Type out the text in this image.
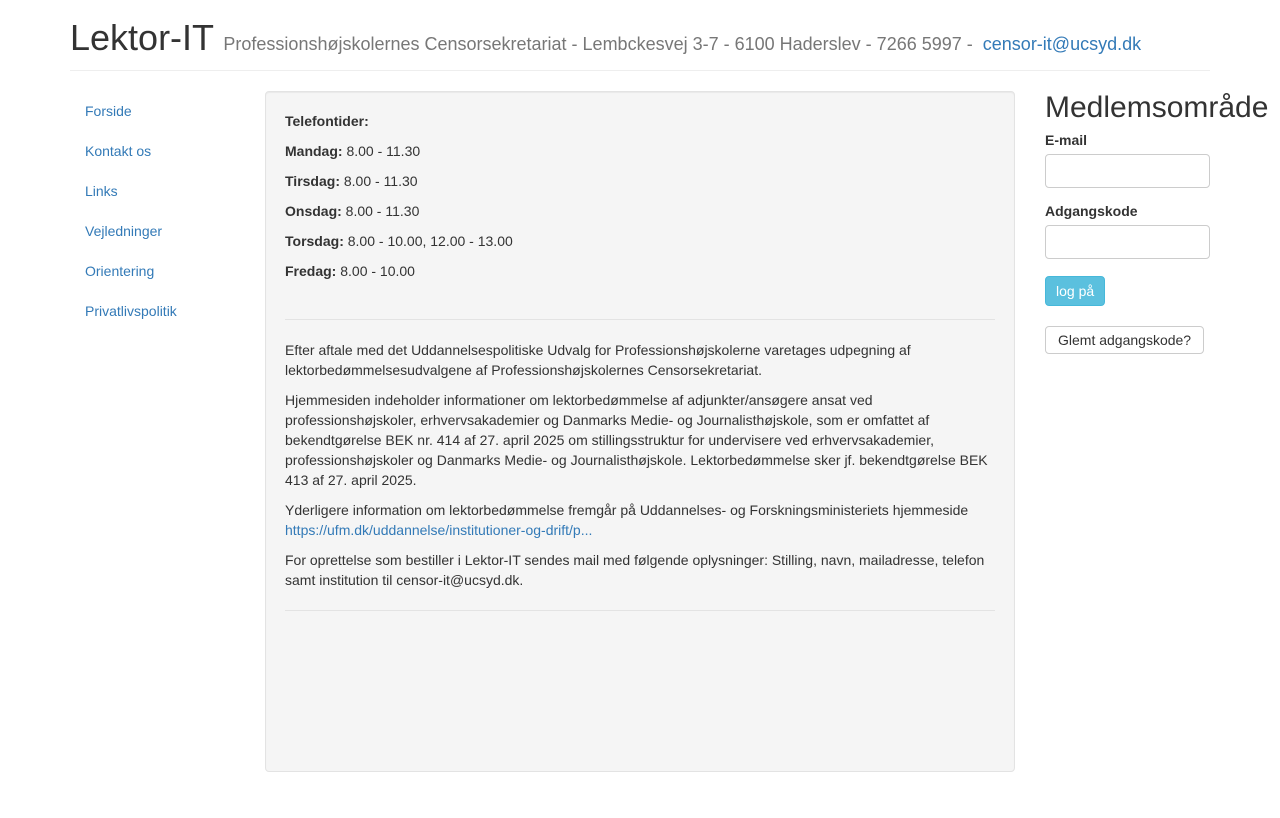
Lektor-IT Professionshøjskolernes Censorsekretariat - Lembckesvej 3-7 - 6100 Haderslev - 7266 5997 - censor-it@ucsyd.dk
Forside
Kontakt os
Links
Vejledninger
Orientering
Privatlivspolitik

Telefontider:

Mandag: 8.00 - 11.30

Tirsdag: 8.00 - 11.30

Onsdag: 8.00 - 11.30

Torsdag: 8.00 - 10.00, 12.00 - 13.00

Fredag: 8.00 - 10.00

Efter aftale med det Uddannelsespolitiske Udvalg for Professionshøjskolerne varetages udpegning af lektorbedømmelsesudvalgene af Professionshøjskolernes Censorsekretariat.

Hjemmesiden indeholder informationer om lektorbedømmelse af adjunkter/ansøgere ansat ved professionshøjskoler, erhvervsakademier og Danmarks Medie- og Journalisthøjskole, som er omfattet af bekendtgørelse BEK nr. 414 af 27. april 2025 om stillingsstruktur for undervisere ved erhvervsakademier, professionshøjskoler og Danmarks Medie- og Journalisthøjskole. Lektorbedømmelse sker jf. bekendtgørelse BEK 413 af 27. april 2025.

Yderligere information om lektorbedømmelse fremgår på Uddannelses- og Forskningsministeriets hjemmeside https://ufm.dk/uddannelse/institutioner-og-drift/p...

For oprettelse som bestiller i Lektor-IT sendes mail med følgende oplysninger: Stilling, navn, mailadresse, telefon samt institution til censor-it@ucsyd.dk.

Medlemsområde
E-mail
Adgangskode
log på
Glemt adgangskode?
